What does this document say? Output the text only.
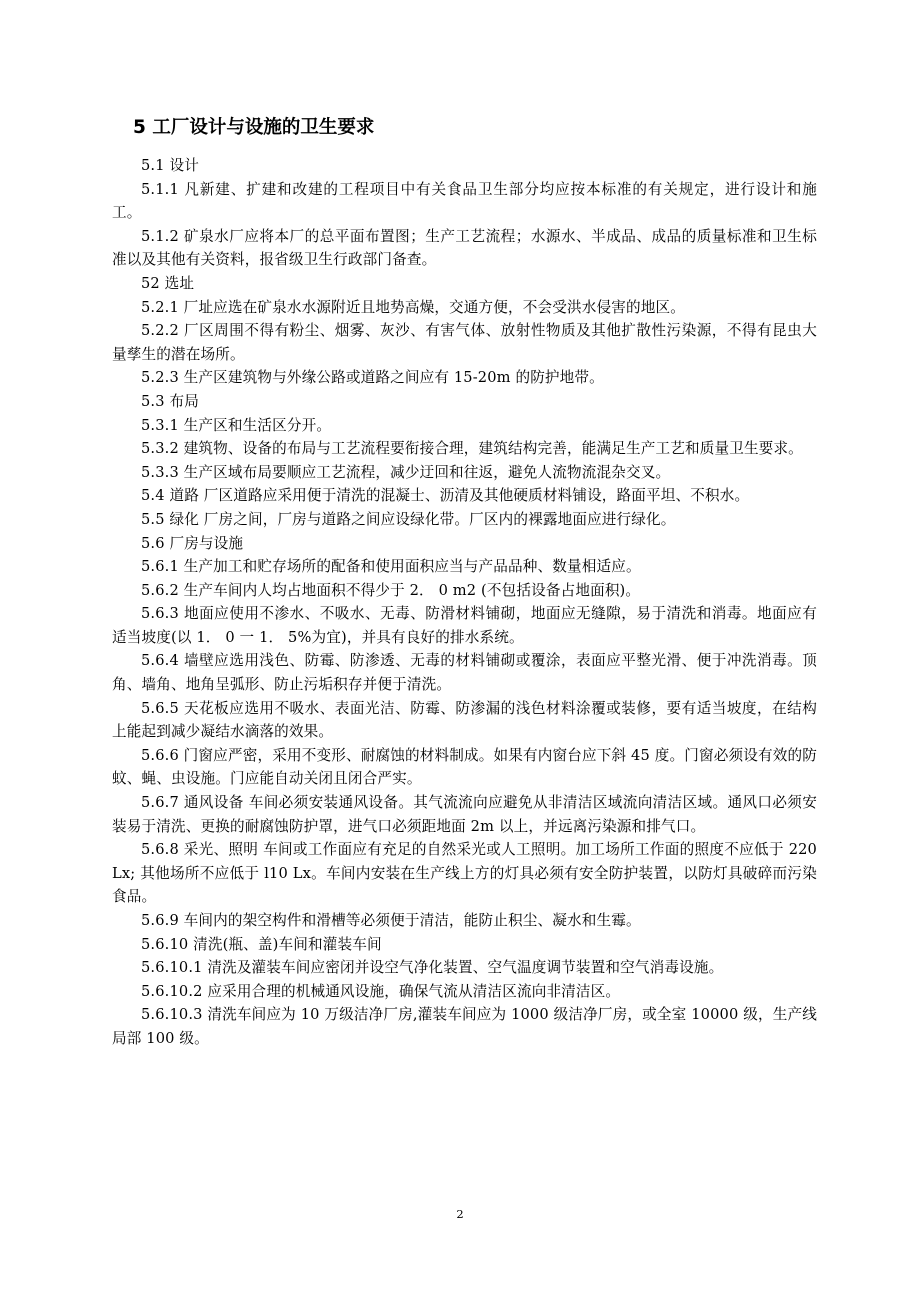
5 工厂设计与设施的卫生要求

5.1 设计

5.1.1 凡新建、扩建和改建的工程项目中有关食品卫生部分均应按本标准的有关规定，进行设计和施工。

5.1.2 矿泉水厂应将本厂的总平面布置图；生产工艺流程；水源水、半成品、成品的质量标准和卫生标准以及其他有关资料，报省级卫生行政部门备查。

52 选址

5.2.1 厂址应选在矿泉水水源附近且地势高燥，交通方便，不会受洪水侵害的地区。

5.2.2 厂区周围不得有粉尘、烟雾、灰沙、有害气体、放射性物质及其他扩散性污染源，不得有昆虫大量孳生的潜在场所。

5.2.3 生产区建筑物与外缘公路或道路之间应有 15-20m 的防护地带。

5.3 布局

5.3.1 生产区和生活区分开。

5.3.2 建筑物、设备的布局与工艺流程要衔接合理，建筑结构完善，能满足生产工艺和质量卫生要求。

5.3.3 生产区域布局要顺应工艺流程，减少迂回和往返，避免人流物流混杂交叉。

5.4 道路 厂区道路应采用便于清洗的混凝士、沥清及其他硬质材料铺设，路面平坦、不积水。

5.5 绿化 厂房之间，厂房与道路之间应设绿化带。厂区内的裸露地面应进行绿化。

5.6 厂房与设施

5.6.1 生产加工和贮存场所的配备和使用面积应当与产品品种、数量相适应。

5.6.2 生产车间内人均占地面积不得少于 2． 0 m2 (不包括设备占地面积)。

5.6.3 地面应使用不渗水、不吸水、无毒、防滑材料铺砌，地面应无缝隙，易于清洗和消毒。地面应有适当坡度(以 1． 0 一 1． 5%为宜)，并具有良好的排水系统。

5.6.4 墙壁应选用浅色、防霉、防渗透、无毒的材料铺砌或覆涂，表面应平整光滑、便于冲洗消毒。顶角、墙角、地角呈弧形、防止污垢积存并便于清洗。

5.6.5 天花板应选用不吸水、表面光洁、防霉、防渗漏的浅色材料涂覆或装修，要有适当坡度，在结构上能起到减少凝结水滴落的效果。

5.6.6 门窗应严密，采用不变形、耐腐蚀的材料制成。如果有内窗台应下斜 45 度。门窗必须设有效的防蚊、蝇、虫设施。门应能自动关闭且闭合严实。

5.6.7 通风设备 车间必须安装通风设备。其气流流向应避免从非清洁区域流向清洁区域。通风口必须安装易于清洗、更换的耐腐蚀防护罩，进气口必须距地面 2m 以上，并远离污染源和排气口。

5.6.8 采光、照明 车间或工作面应有充足的自然采光或人工照明。加工场所工作面的照度不应低于 220 Lx; 其他场所不应低于 l10 Lx。车间内安装在生产线上方的灯具必须有安全防护装置，以防灯具破碎而污染食品。

5.6.9 车间内的架空构件和滑槽等必须便于清洁，能防止积尘、凝水和生霉。

5.6.10 清洗(瓶、盖)车间和灌装车间

5.6.10.1 清洗及灌装车间应密闭并设空气净化装置、空气温度调节装置和空气消毒设施。

5.6.10.2 应采用合理的机械通风设施，确保气流从清洁区流向非清洁区。

5.6.10.3 清洗车间应为 10 万级洁净厂房,灌装车间应为 1000 级洁净厂房，或全室 10000 级，生产线局部 100 级。

2
